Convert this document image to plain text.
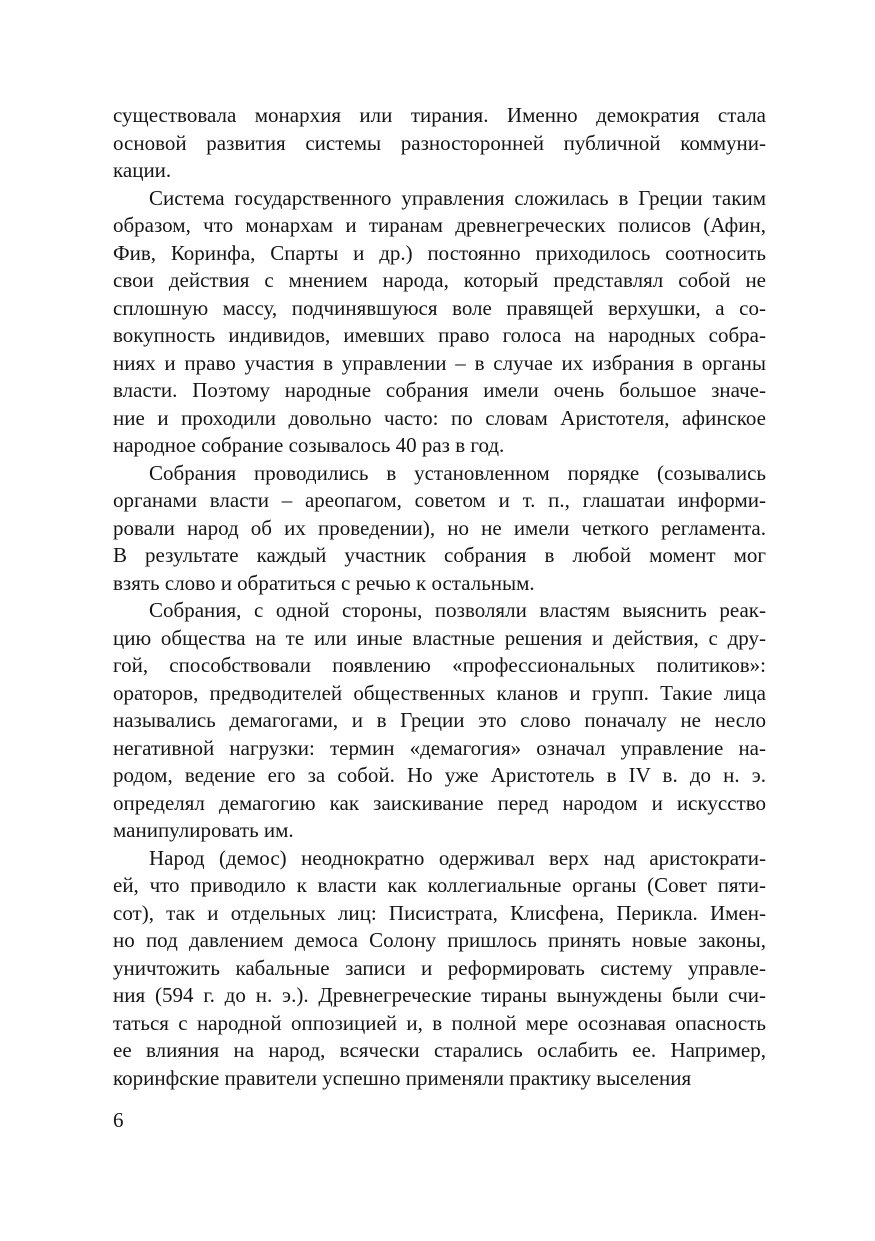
существовала монархия или тирания. Именно демократия стала
основой развития системы разносторонней публичной коммуни-
кации.
Система государственного управления сложилась в Греции таким
образом, что монархам и тиранам древнегреческих полисов (Афин,
Фив, Коринфа, Спарты и др.) постоянно приходилось соотносить
свои действия с мнением народа, который представлял собой не
сплошную массу, подчинявшуюся воле правящей верхушки, а со-
вокупность индивидов, имевших право голоса на народных собра-
ниях и право участия в управлении – в случае их избрания в органы
власти. Поэтому народные собрания имели очень большое значе-
ние и проходили довольно часто: по словам Аристотеля, афинское
народное собрание созывалось 40 раз в год.
Собрания проводились в установленном порядке (созывались
органами власти – ареопагом, советом и т. п., глашатаи информи-
ровали народ об их проведении), но не имели четкого регламента.
В результате каждый участник собрания в любой момент мог
взять слово и обратиться с речью к остальным.
Собрания, с одной стороны, позволяли властям выяснить реак-
цию общества на те или иные властные решения и действия, с дру-
гой, способствовали появлению «профессиональных политиков»:
ораторов, предводителей общественных кланов и групп. Такие лица
назывались демагогами, и в Греции это слово поначалу не несло
негативной нагрузки: термин «демагогия» означал управление на-
родом, ведение его за собой. Но уже Аристотель в IV в. до н. э.
определял демагогию как заискивание перед народом и искусство
манипулировать им.
Народ (демос) неоднократно одерживал верх над аристократи-
ей, что приводило к власти как коллегиальные органы (Совет пяти-
сот), так и отдельных лиц: Писистрата, Клисфена, Перикла. Имен-
но под давлением демоса Солону пришлось принять новые законы,
уничтожить кабальные записи и реформировать систему управле-
ния (594 г. до н. э.). Древнегреческие тираны вынуждены были счи-
таться с народной оппозицией и, в полной мере осознавая опасность
ее влияния на народ, всячески старались ослабить ее. Например,
коринфские правители успешно применяли практику выселения
6
